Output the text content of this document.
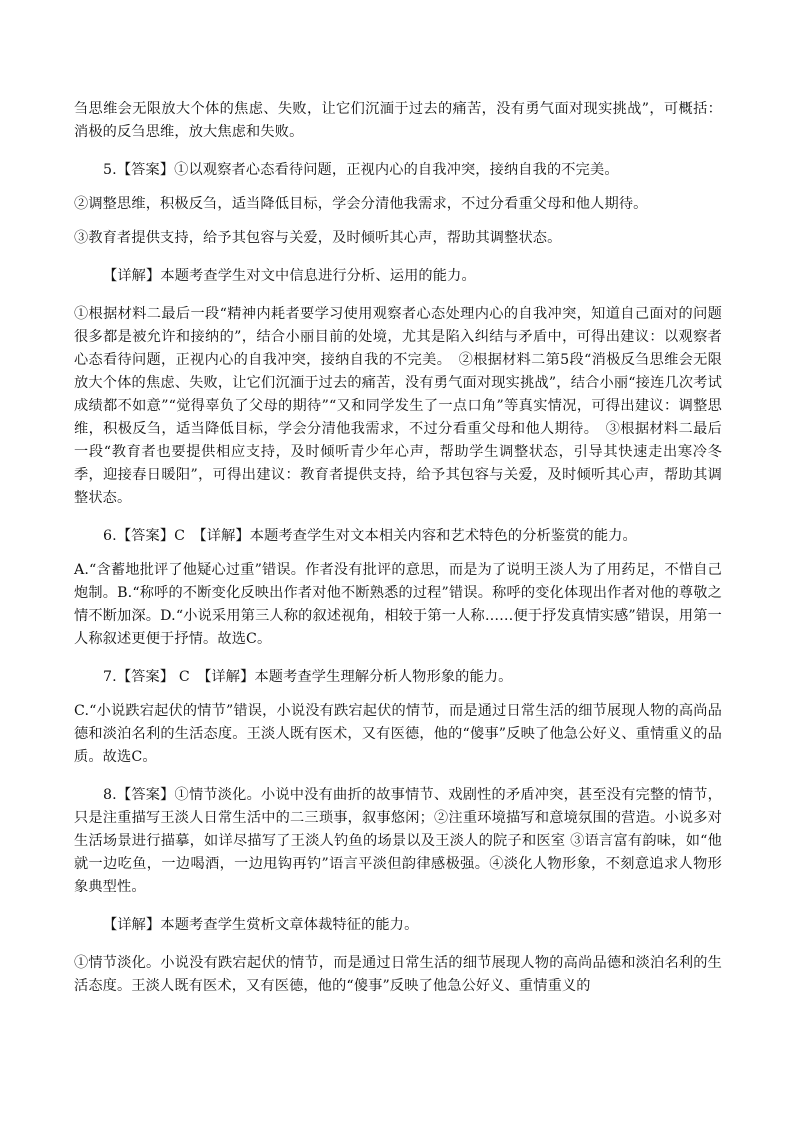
刍思维会无限放大个体的焦虑、失败，让它们沉湎于过去的痛苦，没有勇气面对现实挑战”，可概括：消极的反刍思维，放大焦虑和失败。

5.【答案】①以观察者心态看待问题，正视内心的自我冲突，接纳自我的不完美。

②调整思维，积极反刍，适当降低目标，学会分清他我需求，不过分看重父母和他人期待。

③教育者提供支持，给予其包容与关爱，及时倾听其心声，帮助其调整状态。

【详解】本题考查学生对文中信息进行分析、运用的能力。

①根据材料二最后一段“精神内耗者要学习使用观察者心态处理内心的自我冲突，知道自己面对的问题很多都是被允许和接纳的”，结合小丽目前的处境，尤其是陷入纠结与矛盾中，可得出建议：以观察者心态看待问题，正视内心的自我冲突，接纳自我的不完美。　②根据材料二第5段“消极反刍思维会无限放大个体的焦虑、失败，让它们沉湎于过去的痛苦，没有勇气面对现实挑战”，结合小丽“接连几次考试成绩都不如意”“觉得辜负了父母的期待”“又和同学发生了一点口角”等真实情况，可得出建议：调整思维，积极反刍，适当降低目标，学会分清他我需求，不过分看重父母和他人期待。　③根据材料二最后一段“教育者也要提供相应支持，及时倾听青少年心声，帮助学生调整状态，引导其快速走出寒冷冬季，迎接春日暖阳”，可得出建议：教育者提供支持，给予其包容与关爱，及时倾听其心声，帮助其调整状态。

6.【答案】C　【详解】本题考查学生对文本相关内容和艺术特色的分析鉴赏的能力。

A.“含蓄地批评了他疑心过重”错误。作者没有批评的意思，而是为了说明王淡人为了用药足，不惜自己炮制。B.“称呼的不断变化反映出作者对他不断熟悉的过程”错误。称呼的变化体现出作者对他的尊敬之情不断加深。D.“小说采用第三人称的叙述视角，相较于第一人称……便于抒发真情实感”错误，用第一人称叙述更便于抒情。故选C。

7.【答案】 C　【详解】本题考查学生理解分析人物形象的能力。

C.“小说跌宕起伏的情节”错误，小说没有跌宕起伏的情节，而是通过日常生活的细节展现人物的高尚品德和淡泊名利的生活态度。王淡人既有医术，又有医德，他的“傻事”反映了他急公好义、重情重义的品质。故选C。

8.【答案】①情节淡化。小说中没有曲折的故事情节、戏剧性的矛盾冲突，甚至没有完整的情节，只是注重描写王淡人日常生活中的二三琐事，叙事悠闲；②注重环境描写和意境氛围的营造。小说多对生活场景进行描摹，如详尽描写了王淡人钓鱼的场景以及王淡人的院子和医室 ③语言富有韵味，如“他就一边吃鱼，一边喝酒，一边甩钩再钓”语言平淡但韵律感极强。④淡化人物形象，不刻意追求人物形象典型性。

【详解】本题考查学生赏析文章体裁特征的能力。

①情节淡化。小说没有跌宕起伏的情节，而是通过日常生活的细节展现人物的高尚品德和淡泊名利的生活态度。王淡人既有医术，又有医德，他的“傻事”反映了他急公好义、重情重义的
